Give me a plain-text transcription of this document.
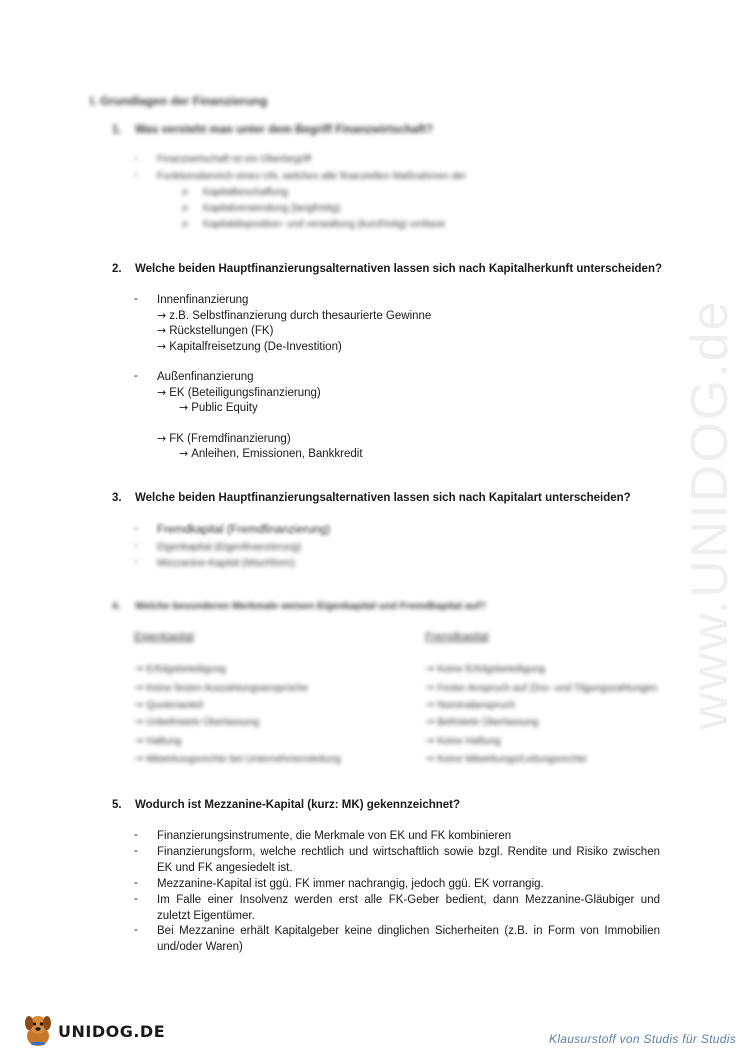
www.UNIDOG.de
I. Grundlagen der Finanzierung
1. Was versteht man unter dem Begriff Finanzwirtschaft?
- Finanzwirtschaft ist ein Oberbegriff
- Funktionsbereich eines UN, welches alle finanziellen Maßnahmen der
o Kapitalbeschaffung
o Kapitalverwendung (langfristig)
o Kapitaldisposition- und verwaltung (kurzfristig) umfasst
2. Welche beiden Hauptfinanzierungsalternativen lassen sich nach Kapitalherkunft unterscheiden?
- Innenfinanzierung
→ z.B. Selbstfinanzierung durch thesaurierte Gewinne
→ Rückstellungen (FK)
→ Kapitalfreisetzung (De-Investition)
- Außenfinanzierung
→ EK (Beteiligungsfinanzierung)
→ Public Equity
→ FK (Fremdfinanzierung)
→ Anleihen, Emissionen, Bankkredit
3. Welche beiden Hauptfinanzierungsalternativen lassen sich nach Kapitalart unterscheiden?
- Fremdkapital (Fremdfinanzierung)
- Eigenkapital (Eigenfinanzierung)
- Mezzanine-Kapital (Mischform)
4. Welche besonderen Merkmale weisen Eigenkapital und Fremdkapital auf?
Eigenkapital	Fremdkapital
→ Erfolgsbeteiligung
→ Keine festen Auszahlungsansprüche
→ Quotenanteil
→ Unbefristete Überlassung
→ Haftung
→ Mitwirkungsrechte bei Unternehmensleitung
→ Keine Erfolgsbeteiligung
→ Fester Anspruch auf Zins- und Tilgungszahlungen
→ Nominalanspruch
→ Befristete Überlassung
→ Keine Haftung
→ Keine Mitwirkungs/Leitungsrechte
5. Wodurch ist Mezzanine-Kapital (kurz: MK) gekennzeichnet?
- Finanzierungsinstrumente, die Merkmale von EK und FK kombinieren
- Finanzierungsform, welche rechtlich und wirtschaftlich sowie bzgl. Rendite und Risiko zwischen EK und FK angesiedelt ist.
- Mezzanine-Kapital ist ggü. FK immer nachrangig, jedoch ggü. EK vorrangig.
- Im Falle einer Insolvenz werden erst alle FK-Geber bedient, dann Mezzanine-Gläubiger und zuletzt Eigentümer.
- Bei Mezzanine erhält Kapitalgeber keine dinglichen Sicherheiten (z.B. in Form von Immobilien und/oder Waren)
UNIDOG.DE	Klausurstoff von Studis für Studis
